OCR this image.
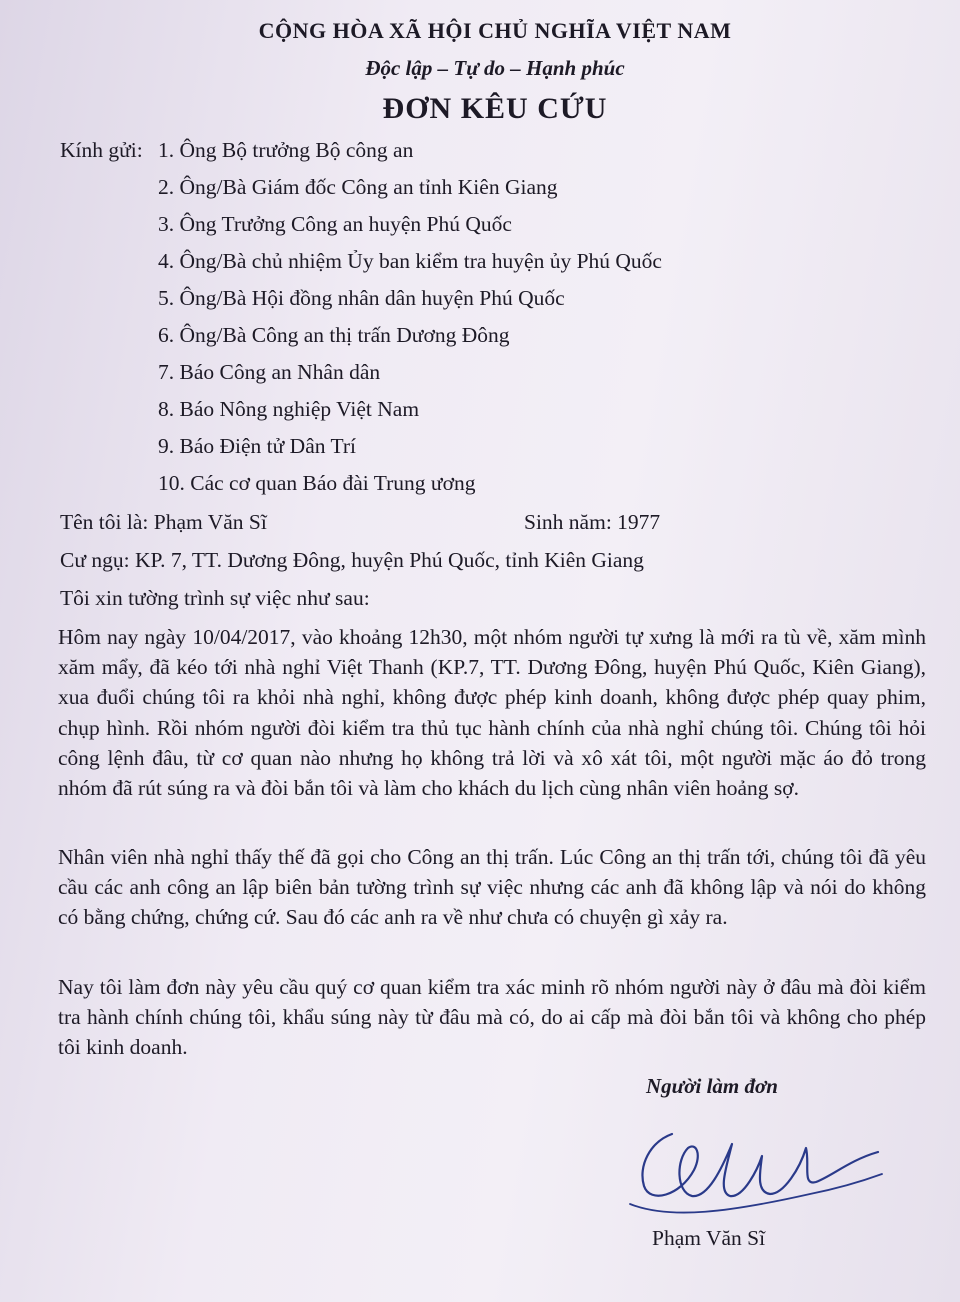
CỘNG HÒA XÃ HỘI CHỦ NGHĨA VIỆT NAM
Độc lập – Tự do – Hạnh phúc
ĐƠN KÊU CỨU
Kính gửi: 1. Ông Bộ trưởng Bộ công an
2. Ông/Bà Giám đốc Công an tỉnh Kiên Giang
3. Ông Trưởng Công an huyện Phú Quốc
4. Ông/Bà chủ nhiệm Ủy ban kiểm tra huyện ủy Phú Quốc
5. Ông/Bà Hội đồng nhân dân huyện Phú Quốc
6. Ông/Bà Công an thị trấn Dương Đông
7. Báo Công an Nhân dân
8. Báo Nông nghiệp Việt Nam
9. Báo Điện tử Dân Trí
10. Các cơ quan Báo đài Trung ương
Tên tôi là: Phạm Văn Sĩ	Sinh năm: 1977
Cư ngụ: KP. 7, TT. Dương Đông, huyện Phú Quốc, tỉnh Kiên Giang
Tôi xin tường trình sự việc như sau:

Hôm nay ngày 10/04/2017, vào khoảng 12h30, một nhóm người tự xưng là mới ra tù về, xăm mình xăm mẩy, đã kéo tới nhà nghỉ Việt Thanh (KP.7, TT. Dương Đông, huyện Phú Quốc, Kiên Giang), xua đuổi chúng tôi ra khỏi nhà nghỉ, không được phép kinh doanh, không được phép quay phim, chụp hình. Rồi nhóm người đòi kiểm tra thủ tục hành chính của nhà nghỉ chúng tôi. Chúng tôi hỏi công lệnh đâu, từ cơ quan nào nhưng họ không trả lời và xô xát tôi, một người mặc áo đỏ trong nhóm đã rút súng ra và đòi bắn tôi và làm cho khách du lịch cùng nhân viên hoảng sợ.

Nhân viên nhà nghỉ thấy thế đã gọi cho Công an thị trấn. Lúc Công an thị trấn tới, chúng tôi đã yêu cầu các anh công an lập biên bản tường trình sự việc nhưng các anh đã không lập và nói do không có bằng chứng, chứng cứ. Sau đó các anh ra về như chưa có chuyện gì xảy ra.

Nay tôi làm đơn này yêu cầu quý cơ quan kiểm tra xác minh rõ nhóm người này ở đâu mà đòi kiểm tra hành chính chúng tôi, khẩu súng này từ đâu mà có, do ai cấp mà đòi bắn tôi và không cho phép tôi kinh doanh.

Người làm đơn
Phạm Văn Sĩ
